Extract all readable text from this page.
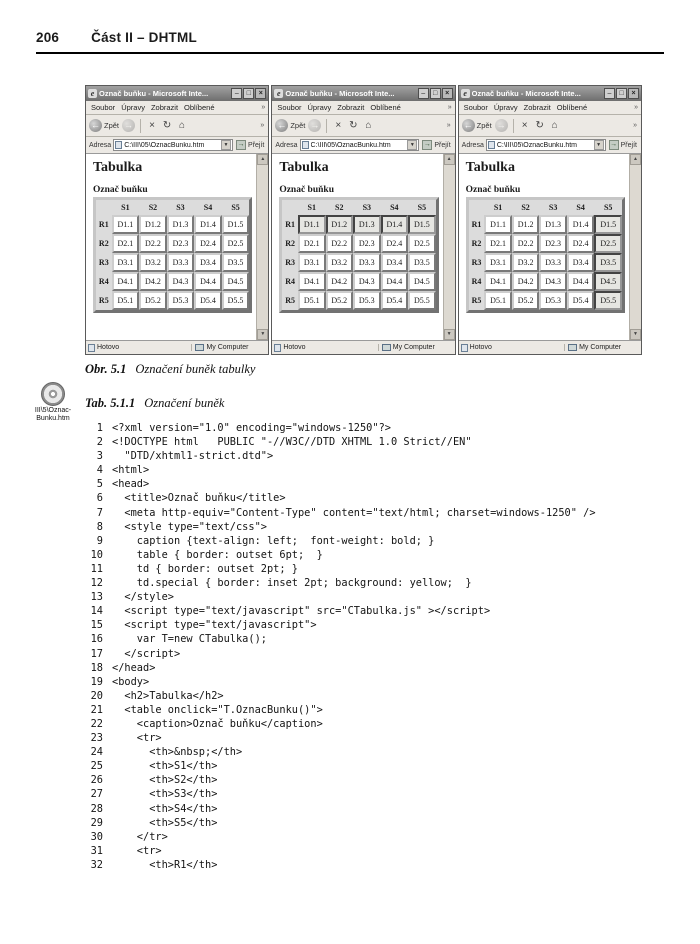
206 Část II – DHTML
e Označ buňku - Microsoft Inte...	–	□	×
Soubor Úpravy Zobrazit Oblíbené	»
← Zpět →	× ↻ ⌂	»
Adresa C:\III\05\OznacBunku.htm	▼	→ Přejít
Tabulka
Označ buňku
	S1	S2	S3	S4	S5
R1	D1.1	D1.2	D1.3	D1.4	D1.5
R2	D2.1	D2.2	D2.3	D2.4	D2.5
R3	D3.1	D3.2	D3.3	D3.4	D3.5
R4	D4.1	D4.2	D4.3	D4.4	D4.5
R5	D5.1	D5.2	D5.3	D5.4	D5.5
▲
▼
Hotovo	My Computer
e Označ buňku - Microsoft Inte...	–	□	×
Soubor Úpravy Zobrazit Oblíbené	»
← Zpět →	× ↻ ⌂	»
Adresa C:\III\05\OznacBunku.htm	▼	→ Přejít
Tabulka
Označ buňku
	S1	S2	S3	S4	S5
R1	D1.1	D1.2	D1.3	D1.4	D1.5
R2	D2.1	D2.2	D2.3	D2.4	D2.5
R3	D3.1	D3.2	D3.3	D3.4	D3.5
R4	D4.1	D4.2	D4.3	D4.4	D4.5
R5	D5.1	D5.2	D5.3	D5.4	D5.5
▲
▼
Hotovo	My Computer
e Označ buňku - Microsoft Inte...	–	□	×
Soubor Úpravy Zobrazit Oblíbené	»
← Zpět →	× ↻ ⌂	»
Adresa C:\III\05\OznacBunku.htm	▼	→ Přejít
Tabulka
Označ buňku
	S1	S2	S3	S4	S5
R1	D1.1	D1.2	D1.3	D1.4	D1.5
R2	D2.1	D2.2	D2.3	D2.4	D2.5
R3	D3.1	D3.2	D3.3	D3.4	D3.5
R4	D4.1	D4.2	D4.3	D4.4	D4.5
R5	D5.1	D5.2	D5.3	D5.4	D5.5
▲
▼
Hotovo	My Computer

Obr. 5.1 Označení buněk tabulky

III\5\Oznac-
Bunku.htm

Tab. 5.1.1 Označení buněk

1 <?xml version="1.0" encoding="windows-1250"?>
2 <!DOCTYPE html   PUBLIC "-//W3C//DTD XHTML 1.0 Strict//EN"
3 "DTD/xhtml1-strict.dtd">
4 <html>
5 <head>
6 <title>Označ buňku</title>
7 <meta http-equiv="Content-Type" content="text/html; charset=windows-1250" />
8 <style type="text/css">
9 caption {text-align: left;  font-weight: bold; }
10 table { border: outset 6pt;  }
11 td { border: outset 2pt; }
12 td.special { border: inset 2pt; background: yellow;  }
13 </style>
14 <script type="text/javascript" src="CTabulka.js" ></script>
15 <script type="text/javascript">
16 var T=new CTabulka();
17 </script>
18 </head>
19 <body>
20 <h2>Tabulka</h2>
21 <table onclick="T.OznacBunku()">
22 <caption>Označ buňku</caption>
23 <tr>
24 <th>&nbsp;</th>
25 <th>S1</th>
26 <th>S2</th>
27 <th>S3</th>
28 <th>S4</th>
29 <th>S5</th>
30 </tr>
31 <tr>
32 <th>R1</th>
